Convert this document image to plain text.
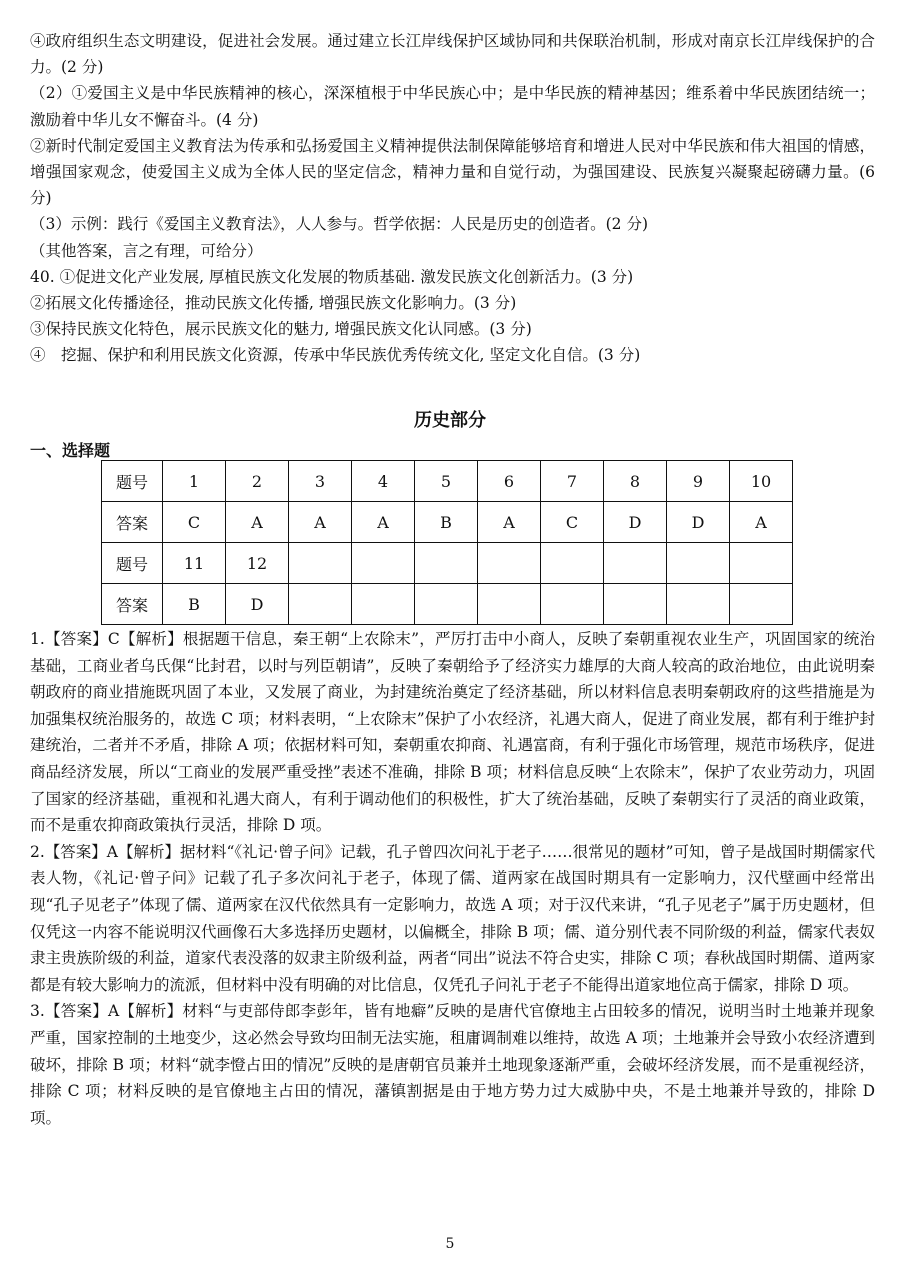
④政府组织生态文明建设，促进社会发展。通过建立长江岸线保护区域协同和共保联治机制，形成对南京长江岸线保护的合力。(2 分)

（2）①爱国主义是中华民族精神的核心，深深植根于中华民族心中；是中华民族的精神基因；维系着中华民族团结统一；激励着中华儿女不懈奋斗。(4 分)

②新时代制定爱国主义教育法为传承和弘扬爱国主义精神提供法制保障能够培育和增进人民对中华民族和伟大祖国的情感，增强国家观念，使爱国主义成为全体人民的坚定信念，精神力量和自觉行动，为强国建设、民族复兴凝聚起磅礴力量。(6 分)

（3）示例：践行《爱国主义教育法》，人人参与。哲学依据：人民是历史的创造者。(2 分)

（其他答案，言之有理，可给分）

40. ①促进文化产业发展, 厚植民族文化发展的物质基础. 激发民族文化创新活力。(3 分)

②拓展文化传播途径，推动民族文化传播, 增强民族文化影响力。(3 分)

③保持民族文化特色，展示民族文化的魅力, 增强民族文化认同感。(3 分)

④　挖掘、保护和利用民族文化资源，传承中华民族优秀传统文化, 坚定文化自信。(3 分)

历史部分
一、选择题
题号	1	2	3	4	5	6	7	8	9	10
答案	C	A	A	A	B	A	C	D	D	A
题号	11	12								
答案	B	D								

1.【答案】C【解析】根据题干信息，秦王朝“上农除末”，严厉打击中小商人，反映了秦朝重视农业生产，巩固国家的统治基础，工商业者乌氏倮“比封君，以时与列臣朝请”，反映了秦朝给予了经济实力雄厚的大商人较高的政治地位，由此说明秦朝政府的商业措施既巩固了本业，又发展了商业，为封建统治奠定了经济基础，所以材料信息表明秦朝政府的这些措施是为加强集权统治服务的，故选 C 项；材料表明，“上农除末”保护了小农经济，礼遇大商人，促进了商业发展，都有利于维护封建统治，二者并不矛盾，排除 A 项；依据材料可知，秦朝重农抑商、礼遇富商，有利于强化市场管理，规范市场秩序，促进商品经济发展，所以“工商业的发展严重受挫”表述不准确，排除 B 项；材料信息反映“上农除末”，保护了农业劳动力，巩固了国家的经济基础，重视和礼遇大商人，有利于调动他们的积极性，扩大了统治基础，反映了秦朝实行了灵活的商业政策，而不是重农抑商政策执行灵活，排除 D 项。

2.【答案】A【解析】据材料“《礼记·曾子问》记载，孔子曾四次问礼于老子……很常见的题材”可知，曾子是战国时期儒家代表人物，《礼记·曾子问》记载了孔子多次问礼于老子，体现了儒、道两家在战国时期具有一定影响力，汉代壁画中经常出现“孔子见老子”体现了儒、道两家在汉代依然具有一定影响力，故选 A 项；对于汉代来讲，“孔子见老子”属于历史题材，但仅凭这一内容不能说明汉代画像石大多选择历史题材，以偏概全，排除 B 项；儒、道分别代表不同阶级的利益，儒家代表奴隶主贵族阶级的利益，道家代表没落的奴隶主阶级利益，两者“同出”说法不符合史实，排除 C 项；春秋战国时期儒、道两家都是有较大影响力的流派，但材料中没有明确的对比信息，仅凭孔子问礼于老子不能得出道家地位高于儒家，排除 D 项。

3.【答案】A【解析】材料“与吏部侍郎李彭年，皆有地癖”反映的是唐代官僚地主占田较多的情况，说明当时土地兼并现象严重，国家控制的土地变少，这必然会导致均田制无法实施，租庸调制难以维持，故选 A 项；土地兼并会导致小农经济遭到破坏，排除 B 项；材料“就李憕占田的情况”反映的是唐朝官员兼并土地现象逐渐严重，会破坏经济发展，而不是重视经济，排除 C 项；材料反映的是官僚地主占田的情况，藩镇割据是由于地方势力过大威胁中央，不是土地兼并导致的，排除 D 项。

5
